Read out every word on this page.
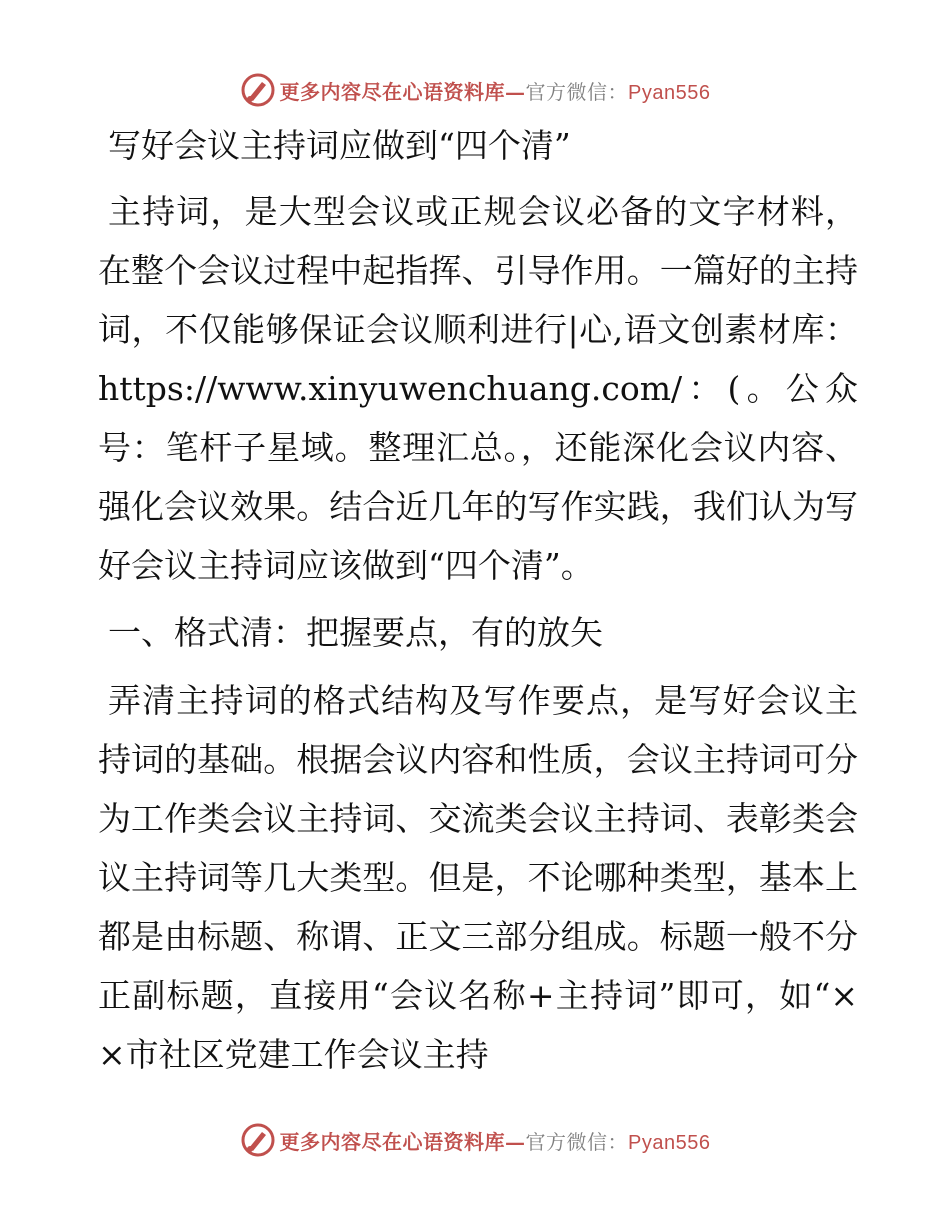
更多内容尽在心语资料库—官方微信：Pyan556

写好会议主持词应做到“四个清”

主持词，是大型会议或正规会议必备的文字材料，在整个会议过程中起指挥、引导作用。一篇好的主持词，不仅能够保证会议顺利进行|心,语文创素材库：https://www.xinyuwenchuang.com/：(。公众号：笔杆子星域。整理汇总。，还能深化会议内容、强化会议效果。结合近几年的写作实践，我们认为写好会议主持词应该做到“四个清”。

一、格式清：把握要点，有的放矢

弄清主持词的格式结构及写作要点，是写好会议主持词的基础。根据会议内容和性质，会议主持词可分为工作类会议主持词、交流类会议主持词、表彰类会议主持词等几大类型。但是，不论哪种类型，基本上都是由标题、称谓、正文三部分组成。标题一般不分正副标题，直接用“会议名称+主持词”即可，如“××市社区党建工作会议主持

更多内容尽在心语资料库—官方微信：Pyan556
